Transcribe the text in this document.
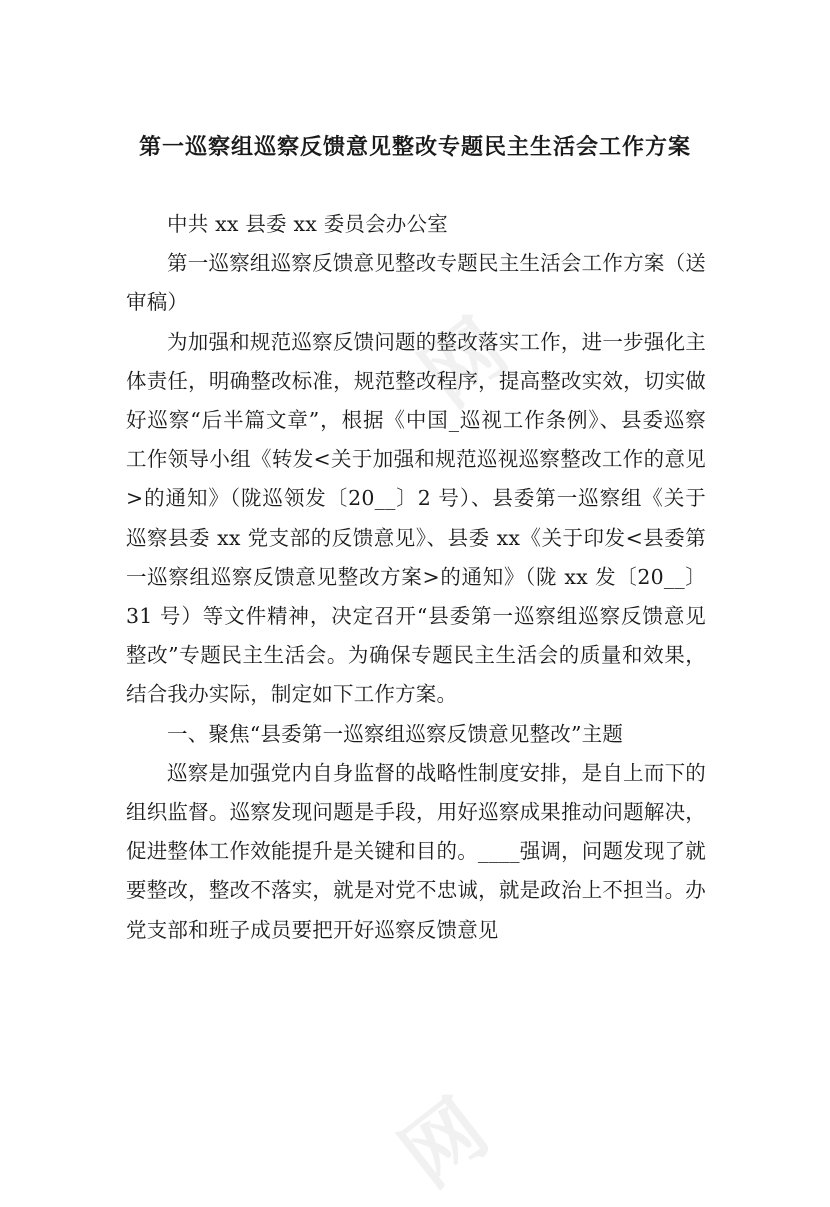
网
网
第一巡察组巡察反馈意见整改专题民主生活会工作方案

中共 xx 县委 xx 委员会办公室

第一巡察组巡察反馈意见整改专题民主生活会工作方案（送审稿）

为加强和规范巡察反馈问题的整改落实工作，进一步强化主体责任，明确整改标准，规范整改程序，提高整改实效，切实做好巡察“后半篇文章”，根据《中国_巡视工作条例》、县委巡察工作领导小组《转发<关于加强和规范巡视巡察整改工作的意见>的通知》（陇巡领发〔20__〕2 号）、县委第一巡察组《关于巡察县委 xx 党支部的反馈意见》、县委 xx《关于印发<县委第一巡察组巡察反馈意见整改方案>的通知》（陇 xx 发〔20__〕31 号）等文件精神，决定召开“县委第一巡察组巡察反馈意见整改”专题民主生活会。为确保专题民主生活会的质量和效果，结合我办实际，制定如下工作方案。

一、聚焦“县委第一巡察组巡察反馈意见整改”主题

巡察是加强党内自身监督的战略性制度安排，是自上而下的组织监督。巡察发现问题是手段，用好巡察成果推动问题解决，促进整体工作效能提升是关键和目的。____强调，问题发现了就要整改，整改不落实，就是对党不忠诚，就是政治上不担当。办党支部和班子成员要把开好巡察反馈意见
